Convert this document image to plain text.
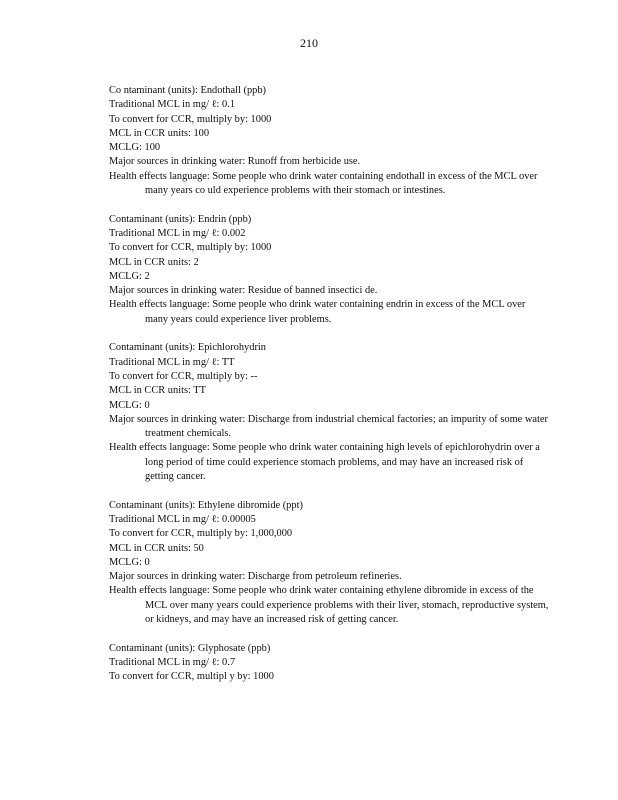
210
Co ntaminant (units): Endothall (ppb)
Traditional MCL in mg/ ℓ: 0.1
To convert for CCR, multiply by: 1000
MCL in CCR units: 100
MCLG: 100
Major sources in drinking water: Runoff from herbicide use.
Health effects language: Some people who drink water containing endothall in excess of the MCL over many years co uld experience problems with their stomach or intestines.
Contaminant (units): Endrin (ppb)
Traditional MCL in mg/ ℓ: 0.002
To convert for CCR, multiply by: 1000
MCL in CCR units: 2
MCLG: 2
Major sources in drinking water: Residue of banned insectici de.
Health effects language: Some people who drink water containing endrin in excess of the MCL over many years could experience liver problems.
Contaminant (units): Epichlorohydrin
Traditional MCL in mg/ ℓ: TT
To convert for CCR, multiply by: --
MCL in CCR units: TT
MCLG: 0
Major sources in drinking water: Discharge from industrial chemical factories; an impurity of some water treatment chemicals.
Health effects language: Some people who drink water containing high levels of epichlorohydrin over a long period of time could experience stomach problems, and may have an increased risk of getting cancer.
Contaminant (units): Ethylene dibromide (ppt)
Traditional MCL in mg/ ℓ: 0.00005
To convert for CCR, multiply by: 1,000,000
MCL in CCR units: 50
MCLG: 0
Major sources in drinking water: Discharge from petroleum refineries.
Health effects language: Some people who drink water containing ethylene dibromide in excess of the MCL over many years could experience problems with their liver, stomach, reproductive system, or kidneys, and may have an increased risk of getting cancer.
Contaminant (units): Glyphosate (ppb)
Traditional MCL in mg/ ℓ: 0.7
To convert for CCR, multipl y by: 1000
